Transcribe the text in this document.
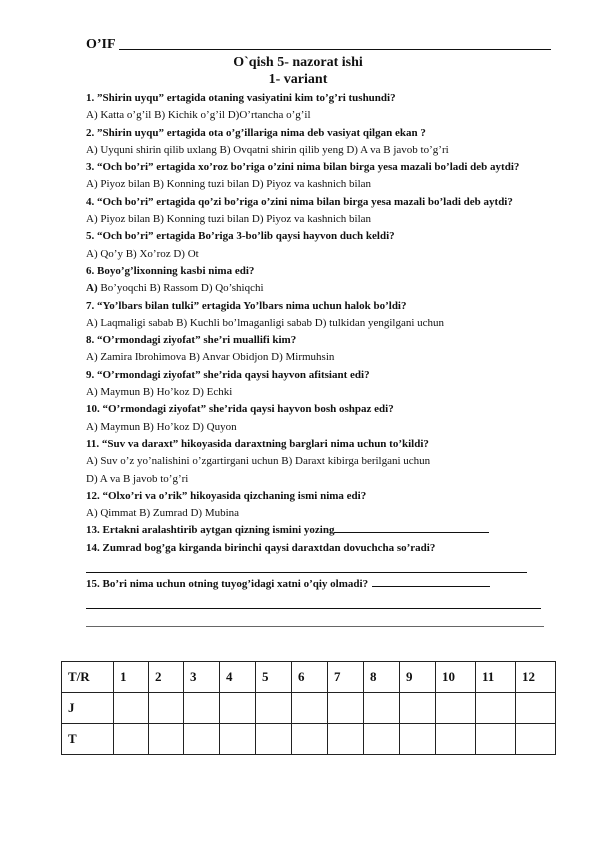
O’IF
O`qish 5- nazorat ishi
1- variant
1. ”Shirin uyqu” ertagida otaning vasiyatini kim to’g’ri tushundi?
A) Katta o’g’il B) Kichik o’g’il D)O’rtancha o’g’il
2. ”Shirin uyqu” ertagida ota o’g’illariga nima deb vasiyat qilgan ekan ?
A) Uyquni shirin qilib uxlang B) Ovqatni shirin qilib yeng D) A va B javob to’g’ri
3. “Och bo’ri” ertagida xo’roz bo’riga o’zini nima bilan birga yesa mazali bo’ladi deb aytdi?
A) Piyoz bilan B) Konning tuzi bilan D) Piyoz va kashnich bilan
4. “Och bo’ri” ertagida qo’zi bo’riga o’zini nima bilan birga yesa mazali bo’ladi deb aytdi?
A) Piyoz bilan B) Konning tuzi bilan D) Piyoz va kashnich bilan
5. “Och bo’ri” ertagida Bo’riga 3-bo’lib qaysi hayvon duch keldi?
A) Qo’y B) Xo’roz D) Ot
6. Boyo’g’lixonning kasbi nima edi?
A) Bo’yoqchi B) Rassom D) Qo’shiqchi
7. “Yo’lbars bilan tulki” ertagida Yo’lbars nima uchun halok bo’ldi?
A) Laqmaligi sabab B) Kuchli bo’lmaganligi sabab D) tulkidan yengilgani uchun
8. “O’rmondagi ziyofat” she’ri muallifi kim?
A) Zamira Ibrohimova B) Anvar Obidjon D) Mirmuhsin
9. “O’rmondagi ziyofat” she’rida qaysi hayvon afitsiant edi?
A) Maymun B) Ho’koz D) Echki
10. “O’rmondagi ziyofat” she’rida qaysi hayvon bosh oshpaz edi?
A) Maymun B) Ho’koz D) Quyon
11. “Suv va daraxt” hikoyasida daraxtning barglari nima uchun to’kildi?
A) Suv o’z yo’nalishini o’zgartirgani uchun B) Daraxt kibirga berilgani uchun
D) A va B javob to’g’ri
12. “Olxo’ri va o’rik” hikoyasida qizchaning ismi nima edi?
A) Qimmat B) Zumrad D) Mubina
13. Ertakni aralashtirib aytgan qizning ismini yozing
14. Zumrad bog’ga kirganda birinchi qaysi daraxtdan dovuchcha so’radi?
15. Bo’ri nima uchun otning tuyog’idagi xatni o’qiy olmadi?
T/R	1	2	3	4	5	6	7	8	9	10	11	12
J												
T												
